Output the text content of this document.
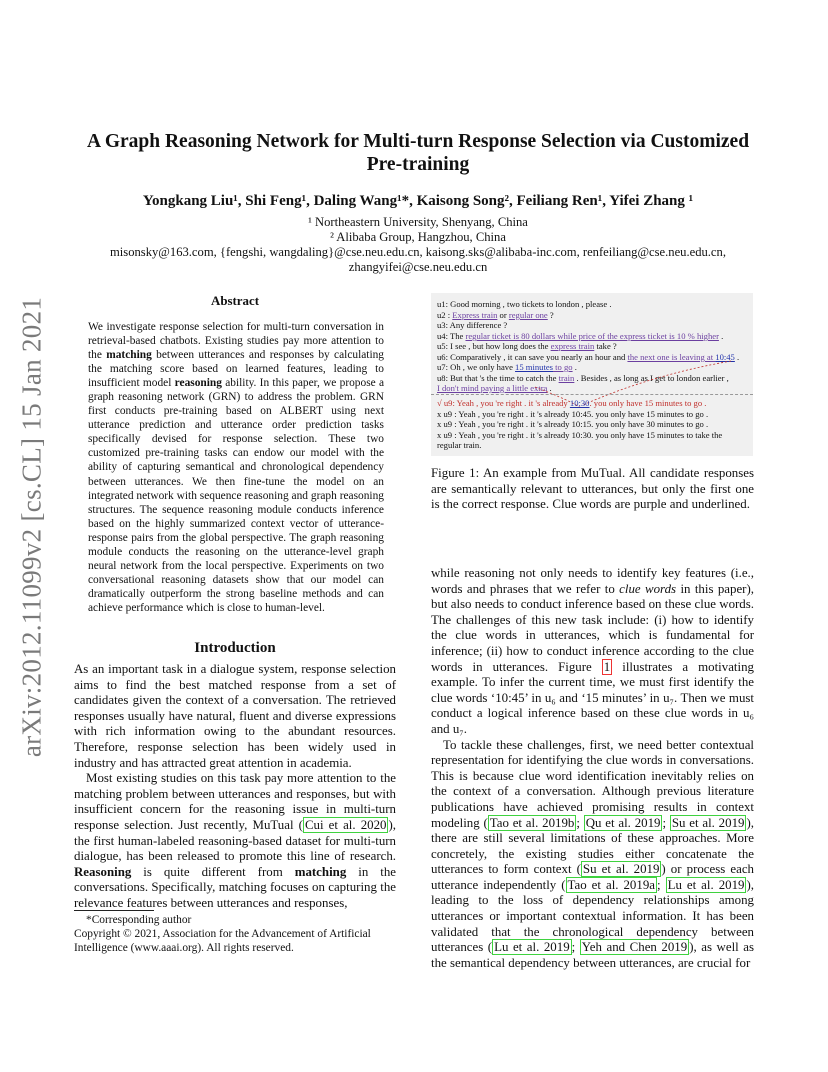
arXiv:2012.11099v2 [cs.CL] 15 Jan 2021
A Graph Reasoning Network for Multi-turn Response Selection via Customized Pre-training
Yongkang Liu¹, Shi Feng¹, Daling Wang¹*, Kaisong Song², Feiliang Ren¹, Yifei Zhang ¹
¹ Northeastern University, Shenyang, China
² Alibaba Group, Hangzhou, China
misonsky@163.com, {fengshi, wangdaling}@cse.neu.edu.cn, kaisong.sks@alibaba-inc.com, renfeiliang@cse.neu.edu.cn,
zhangyifei@cse.neu.edu.cn
Abstract
We investigate response selection for multi-turn conversation in retrieval-based chatbots. Existing studies pay more attention to the matching between utterances and responses by calculating the matching score based on learned features, leading to insufficient model reasoning ability. In this paper, we propose a graph reasoning network (GRN) to address the problem. GRN first conducts pre-training based on ALBERT using next utterance prediction and utterance order prediction tasks specifically devised for response selection. These two customized pre-training tasks can endow our model with the ability of capturing semantical and chronological dependency between utterances. We then fine-tune the model on an integrated network with sequence reasoning and graph reasoning structures. The sequence reasoning module conducts inference based on the highly summarized context vector of utterance-response pairs from the global perspective. The graph reasoning module conducts the reasoning on the utterance-level graph neural network from the local perspective. Experiments on two conversational reasoning datasets show that our model can dramatically outperform the strong baseline methods and can achieve performance which is close to human-level.
Introduction

As an important task in a dialogue system, response selection aims to find the best matched response from a set of candidates given the context of a conversation. The retrieved responses usually have natural, fluent and diverse expressions with rich information owing to the abundant resources. Therefore, response selection has been widely used in industry and has attracted great attention in academia.

Most existing studies on this task pay more attention to the matching problem between utterances and responses, but with insufficient concern for the reasoning issue in multi-turn response selection. Just recently, MuTual ( Cui et al. 2020 ), the first human-labeled reasoning-based dataset for multi-turn dialogue, has been released to promote this line of research. Reasoning is quite different from matching in the conversations. Specifically, matching focuses on capturing the relevance features between utterances and responses,

*Corresponding author
Copyright © 2021, Association for the Advancement of Artificial Intelligence (www.aaai.org). All rights reserved.
u1: Good morning , two tickets to london , please .
u2 : Express train or regular one ?
u3: Any difference ?
u4: The regular ticket is 80 dollars while price of the express ticket is 10 % higher .
u5: I see , but how long does the express train take ?
u6: Comparatively , it can save you nearly an hour and the next one is leaving at 10:45 .
u7: Oh , we only have 15 minutes to go .
u8: But that 's the time to catch the train . Besides , as long as I get to london earlier ,
I don't mind paying a little extra .
√ u9: Yeah , you 're right . it 's already 10:30. you only have 15 minutes to go .
x u9 : Yeah , you 're right . it 's already 10:45. you only have 15 minutes to go .
x u9 : Yeah , you 're right . it 's already 10:15. you only have 30 minutes to go .
x u9 : Yeah , you 're right . it 's already 10:30. you only have 15 minutes to take the
regular train.
Figure 1: An example from MuTual. All candidate responses are semantically relevant to utterances, but only the first one is the correct response. Clue words are purple and underlined.

while reasoning not only needs to identify key features (i.e., words and phrases that we refer to clue words in this paper), but also needs to conduct inference based on these clue words. The challenges of this new task include: (i) how to identify the clue words in utterances, which is fundamental for inference; (ii) how to conduct inference according to the clue words in utterances. Figure 1 illustrates a motivating example. To infer the current time, we must first identify the clue words ‘10:45’ in u₆ and ‘15 minutes’ in u₇. Then we must conduct a logical inference based on these clue words in u₆ and u₇.

To tackle these challenges, first, we need better contextual representation for identifying the clue words in conversations. This is because clue word identification inevitably relies on the context of a conversation. Although previous literature publications have achieved promising results in context modeling ( Tao et al. 2019b ; Qu et al. 2019 ; Su et al. 2019 ), there are still several limitations of these approaches. More concretely, the existing studies either concatenate the utterances to form context ( Su et al. 2019 ) or process each utterance independently ( Tao et al. 2019a ; Lu et al. 2019 ), leading to the loss of dependency relationships among utterances or important contextual information. It has been validated that the chronological dependency between utterances ( Lu et al. 2019 ; Yeh and Chen 2019 ), as well as the semantical dependency between utterances, are crucial for
